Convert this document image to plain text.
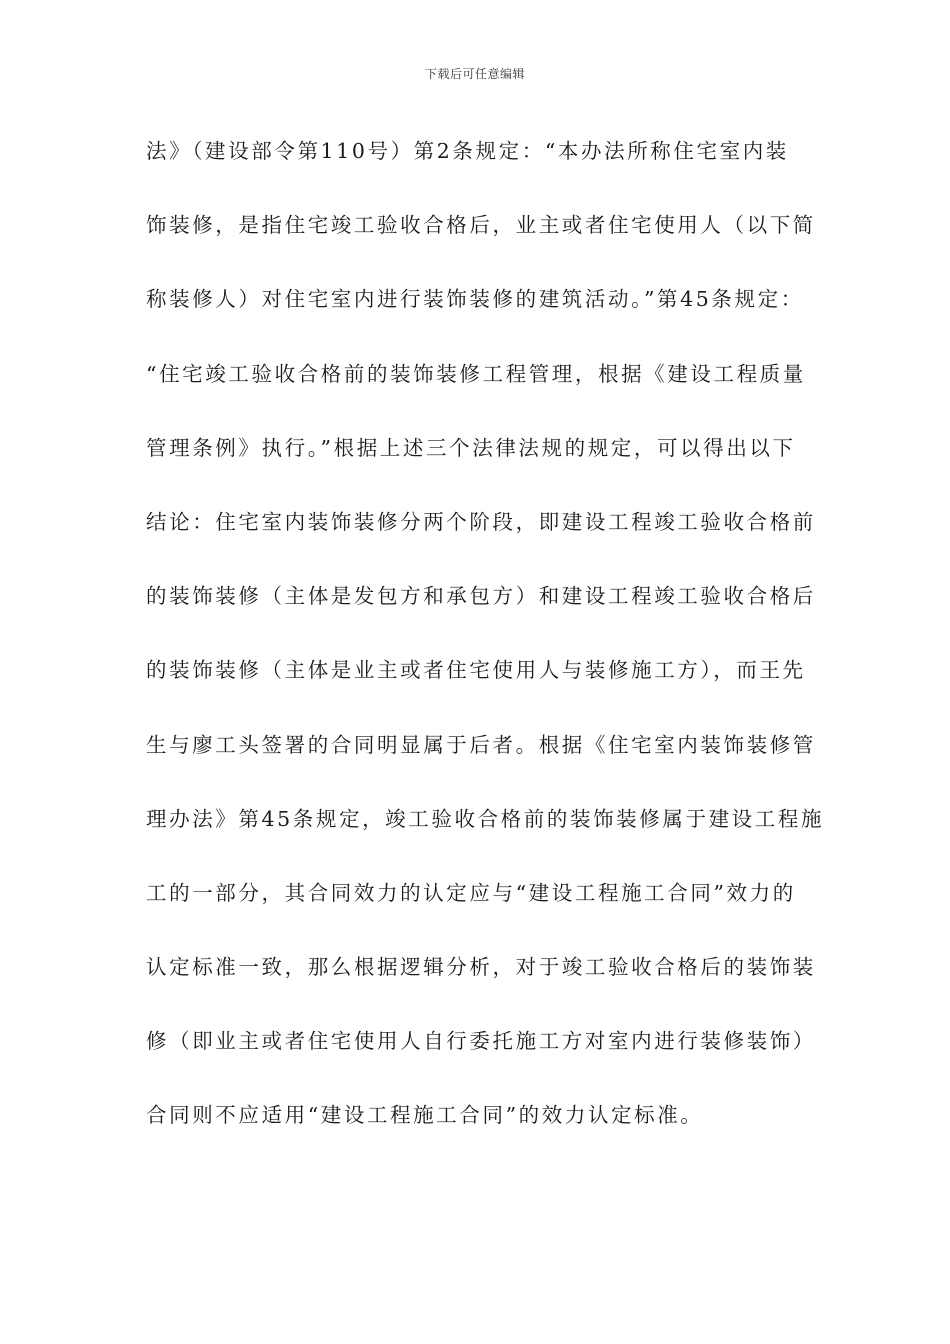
下载后可任意编辑
法》（建设部令第110号）第2条规定：“本办法所称住宅室内装
饰装修，是指住宅竣工验收合格后，业主或者住宅使用人（以下简
称装修人）对住宅室内进行装饰装修的建筑活动。”第45条规定：
“住宅竣工验收合格前的装饰装修工程管理，根据《建设工程质量
管理条例》执行。”根据上述三个法律法规的规定，可以得出以下
结论：住宅室内装饰装修分两个阶段，即建设工程竣工验收合格前
的装饰装修（主体是发包方和承包方）和建设工程竣工验收合格后
的装饰装修（主体是业主或者住宅使用人与装修施工方），而王先
生与廖工头签署的合同明显属于后者。根据《住宅室内装饰装修管
理办法》第45条规定，竣工验收合格前的装饰装修属于建设工程施
工的一部分，其合同效力的认定应与“建设工程施工合同”效力的
认定标准一致，那么根据逻辑分析，对于竣工验收合格后的装饰装
修（即业主或者住宅使用人自行委托施工方对室内进行装修装饰）
合同则不应适用“建设工程施工合同”的效力认定标准。
